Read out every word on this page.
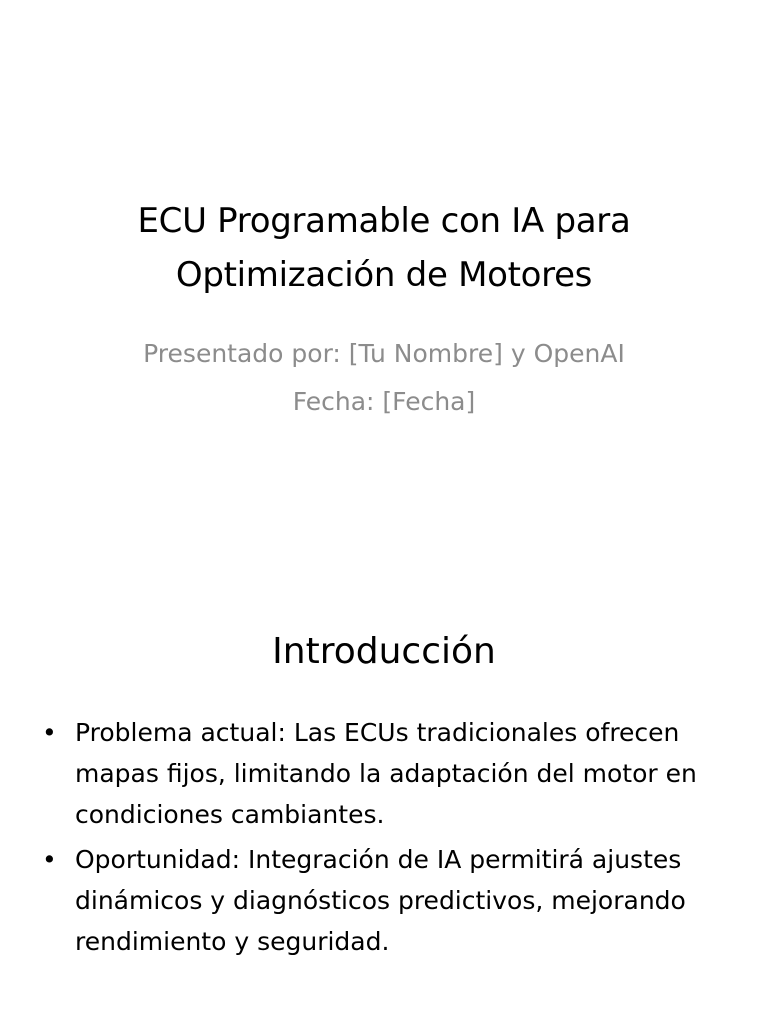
ECU Programable con IA para Optimización de Motores

Presentado por: [Tu Nombre] y OpenAI

Fecha: [Fecha]

Introducción
• Problema actual: Las ECUs tradicionales ofrecen mapas fijos, limitando la adaptación del motor en condiciones cambiantes.
• Oportunidad: Integración de IA permitirá ajustes dinámicos y diagnósticos predictivos, mejorando rendimiento y seguridad.
